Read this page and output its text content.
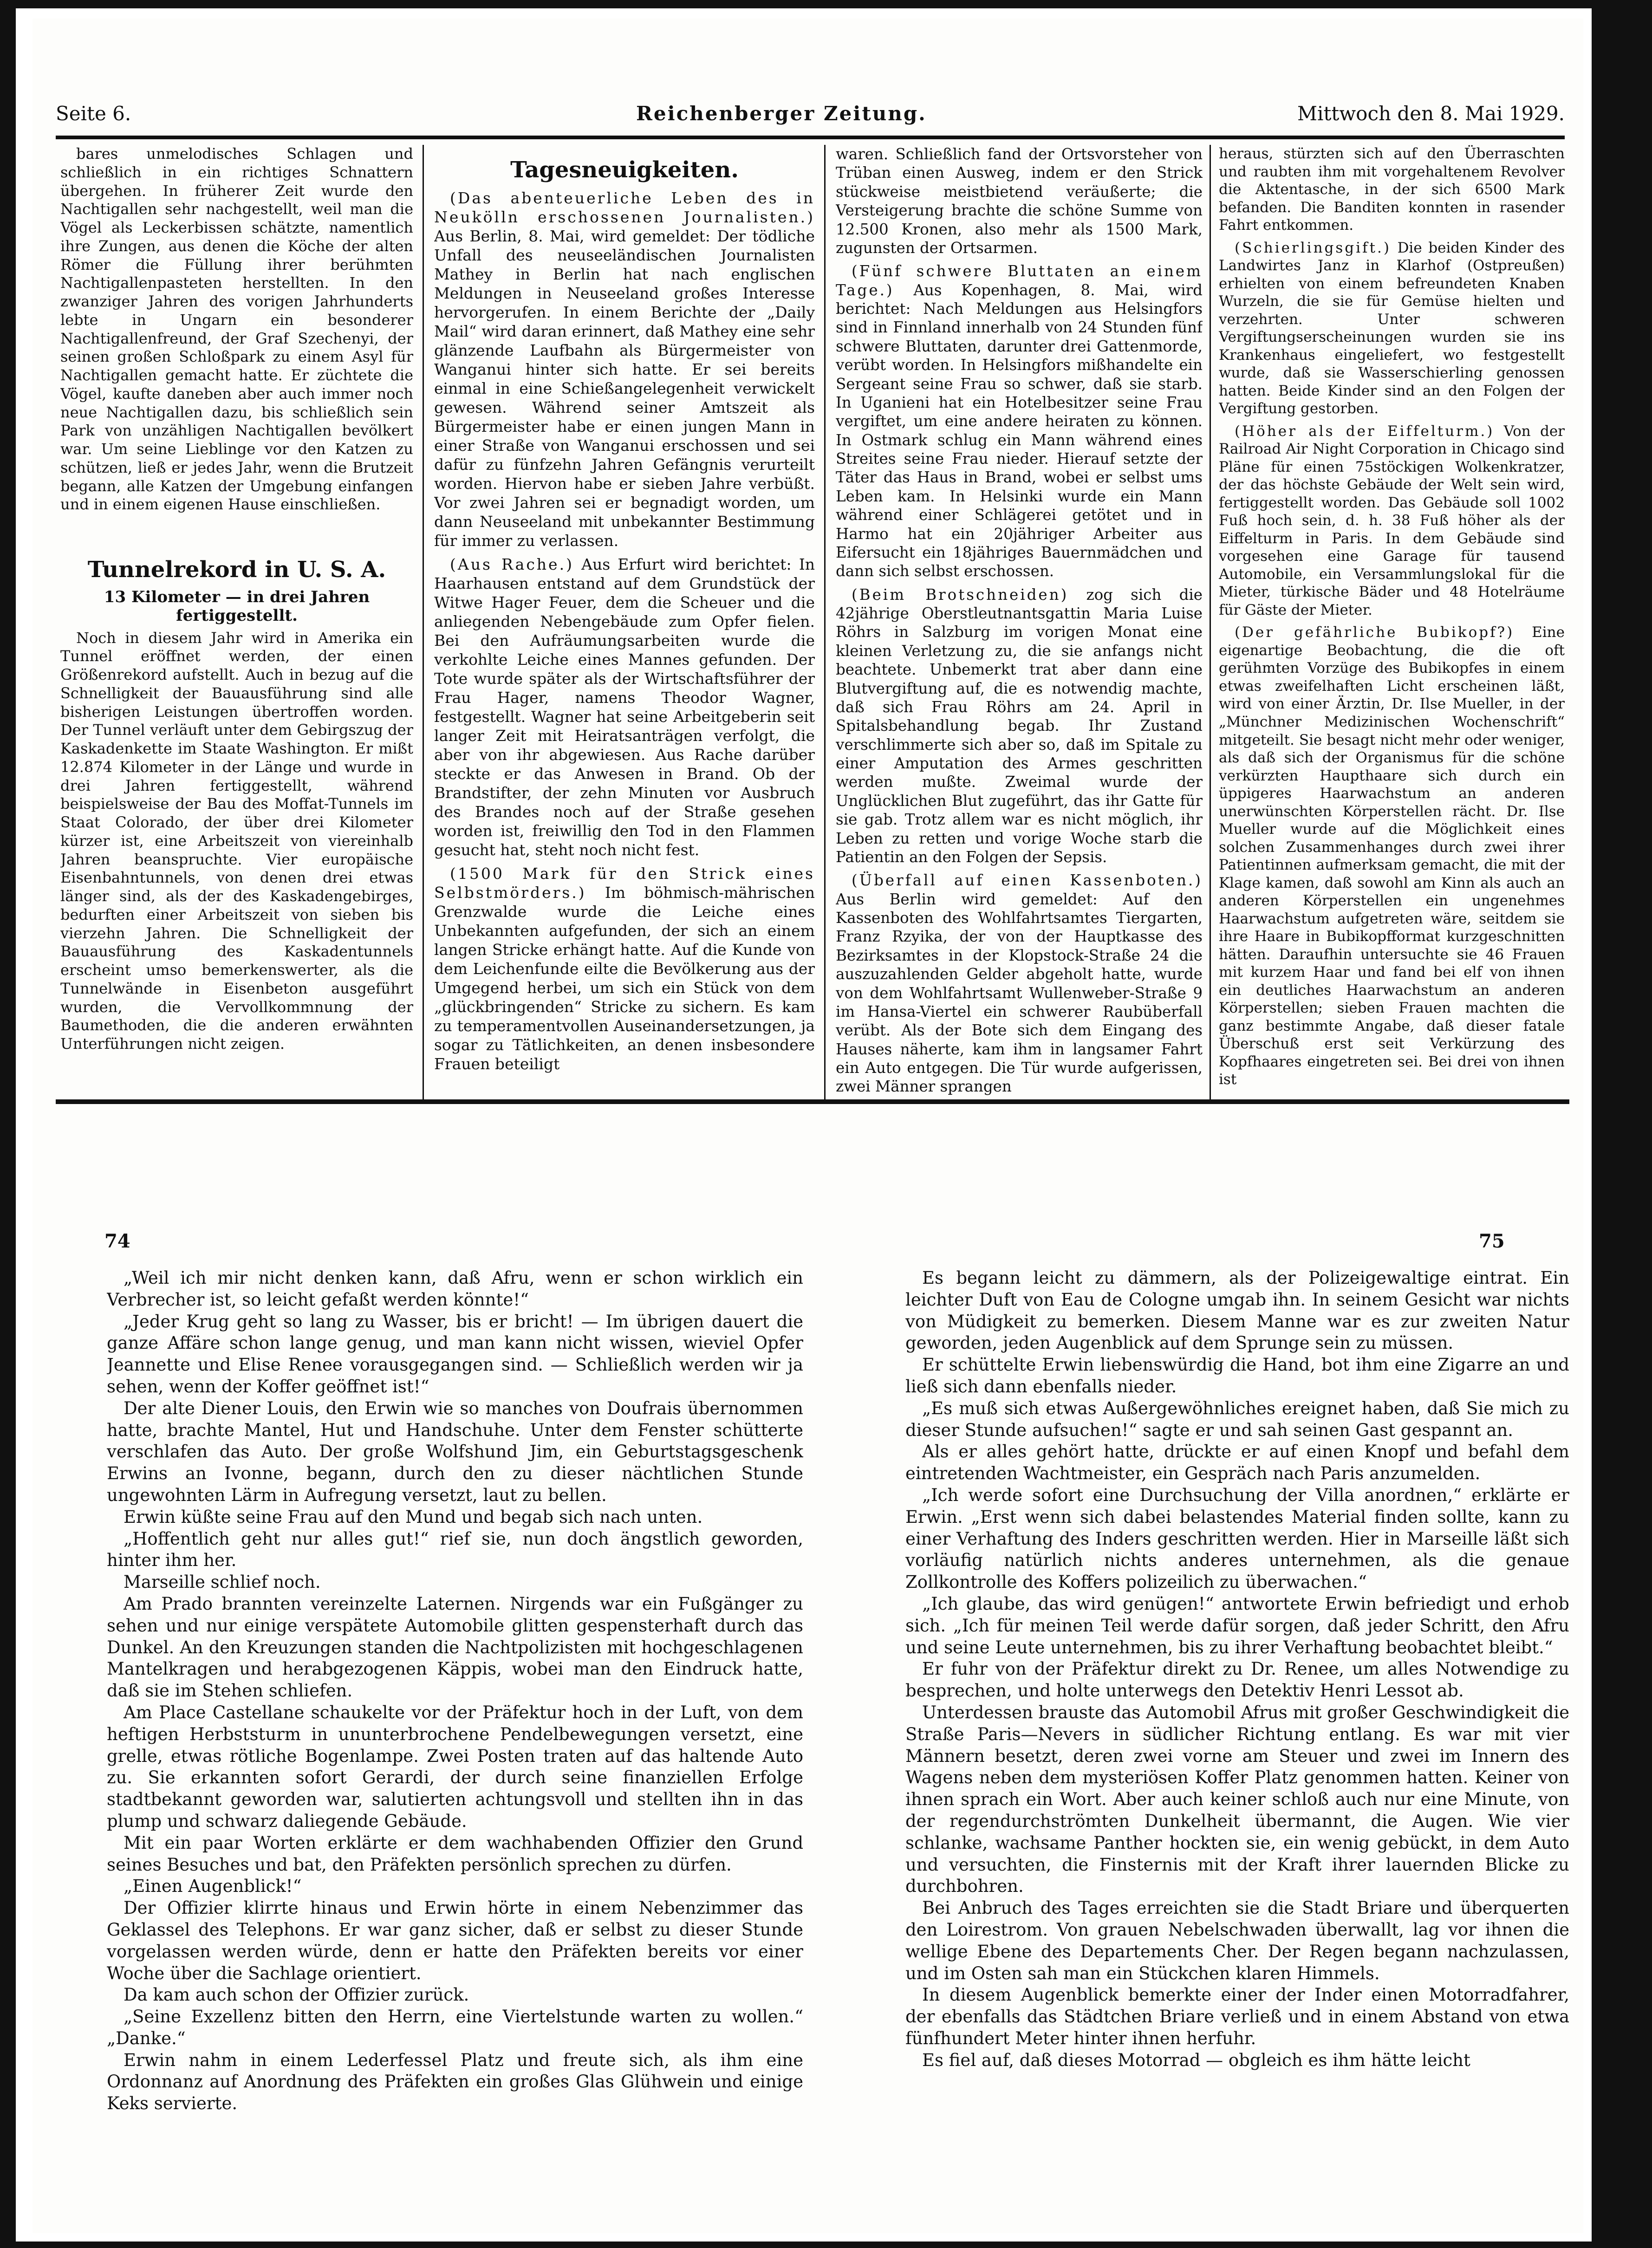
Seite 6.	Reichenberger Zeitung.	Mittwoch den 8. Mai 1929.

bares unmelodisches Schlagen und schließlich in ein richtiges Schnattern übergehen. In früherer Zeit wurde den Nachtigallen sehr nachgestellt, weil man die Vögel als Leckerbissen schätzte, namentlich ihre Zungen, aus denen die Köche der alten Römer die Füllung ihrer berühmten Nachtigallenpasteten herstellten. In den zwanziger Jahren des vorigen Jahrhunderts lebte in Ungarn ein besonderer Nachtigallenfreund, der Graf Szechenyi, der seinen großen Schloßpark zu einem Asyl für Nachtigallen gemacht hatte. Er züchtete die Vögel, kaufte daneben aber auch immer noch neue Nachtigallen dazu, bis schließlich sein Park von unzähligen Nachtigallen bevölkert war. Um seine Lieblinge vor den Katzen zu schützen, ließ er jedes Jahr, wenn die Brutzeit begann, alle Katzen der Umgebung einfangen und in einem eigenen Hause einschließen.

Tunnelrekord in U. S. A.
13 Kilometer — in drei Jahren fertiggestellt.

Noch in diesem Jahr wird in Amerika ein Tunnel eröffnet werden, der einen Größenrekord aufstellt. Auch in bezug auf die Schnelligkeit der Bauausführung sind alle bisherigen Leistungen übertroffen worden. Der Tunnel verläuft unter dem Gebirgszug der Kaskadenkette im Staate Washington. Er mißt 12.874 Kilometer in der Länge und wurde in drei Jahren fertiggestellt, während beispielsweise der Bau des Moffat-Tunnels im Staat Colorado, der über drei Kilometer kürzer ist, eine Arbeitszeit von viereinhalb Jahren beanspruchte. Vier europäische Eisenbahntunnels, von denen drei etwas länger sind, als der des Kaskadengebirges, bedurften einer Arbeitszeit von sieben bis vierzehn Jahren. Die Schnelligkeit der Bauausführung des Kaskadentunnels erscheint umso bemerkenswerter, als die Tunnelwände in Eisenbeton ausgeführt wurden, die Vervollkommnung der Baumethoden, die die anderen erwähnten Unterführungen nicht zeigen.

Tagesneuigkeiten.

(Das abenteuerliche Leben des in Neukölln erschossenen Journalisten.) Aus Berlin, 8. Mai, wird gemeldet: Der tödliche Unfall des neuseeländischen Journalisten Mathey in Berlin hat nach englischen Meldungen in Neuseeland großes Interesse hervorgerufen. In einem Berichte der „Daily Mail“ wird daran erinnert, daß Mathey eine sehr glänzende Laufbahn als Bürgermeister von Wanganui hinter sich hatte. Er sei bereits einmal in eine Schießangelegenheit verwickelt gewesen. Während seiner Amtszeit als Bürgermeister habe er einen jungen Mann in einer Straße von Wanganui erschossen und sei dafür zu fünfzehn Jahren Gefängnis verurteilt worden. Hiervon habe er sieben Jahre verbüßt. Vor zwei Jahren sei er begnadigt worden, um dann Neuseeland mit unbekannter Bestimmung für immer zu verlassen.

(Aus Rache.) Aus Erfurt wird berichtet: In Haarhausen entstand auf dem Grundstück der Witwe Hager Feuer, dem die Scheuer und die anliegenden Nebengebäude zum Opfer fielen. Bei den Aufräumungsarbeiten wurde die verkohlte Leiche eines Mannes gefunden. Der Tote wurde später als der Wirtschaftsführer der Frau Hager, namens Theodor Wagner, festgestellt. Wagner hat seine Arbeitgeberin seit langer Zeit mit Heiratsanträgen verfolgt, die aber von ihr abgewiesen. Aus Rache darüber steckte er das Anwesen in Brand. Ob der Brandstifter, der zehn Minuten vor Ausbruch des Brandes noch auf der Straße gesehen worden ist, freiwillig den Tod in den Flammen gesucht hat, steht noch nicht fest.

(1500 Mark für den Strick eines Selbstmörders.) Im böhmisch-mährischen Grenzwalde wurde die Leiche eines Unbekannten aufgefunden, der sich an einem langen Stricke erhängt hatte. Auf die Kunde von dem Leichenfunde eilte die Bevölkerung aus der Umgegend herbei, um sich ein Stück von dem „glückbringenden“ Stricke zu sichern. Es kam zu temperamentvollen Auseinandersetzungen, ja sogar zu Tätlichkeiten, an denen insbesondere Frauen beteiligt

waren. Schließlich fand der Ortsvorsteher von Trüban einen Ausweg, indem er den Strick stückweise meistbietend veräußerte; die Versteigerung brachte die schöne Summe von 12.500 Kronen, also mehr als 1500 Mark, zugunsten der Ortsarmen.

(Fünf schwere Bluttaten an einem Tage.) Aus Kopenhagen, 8. Mai, wird berichtet: Nach Meldungen aus Helsingfors sind in Finnland innerhalb von 24 Stunden fünf schwere Bluttaten, darunter drei Gattenmorde, verübt worden. In Helsingfors mißhandelte ein Sergeant seine Frau so schwer, daß sie starb. In Uganieni hat ein Hotelbesitzer seine Frau vergiftet, um eine andere heiraten zu können. In Ostmark schlug ein Mann während eines Streites seine Frau nieder. Hierauf setzte der Täter das Haus in Brand, wobei er selbst ums Leben kam. In Helsinki wurde ein Mann während einer Schlägerei getötet und in Harmo hat ein 20jähriger Arbeiter aus Eifersucht ein 18jähriges Bauernmädchen und dann sich selbst erschossen.

(Beim Brotschneiden) zog sich die 42jährige Oberstleutnantsgattin Maria Luise Röhrs in Salzburg im vorigen Monat eine kleinen Verletzung zu, die sie anfangs nicht beachtete. Unbemerkt trat aber dann eine Blutvergiftung auf, die es notwendig machte, daß sich Frau Röhrs am 24. April in Spitalsbehandlung begab. Ihr Zustand verschlimmerte sich aber so, daß im Spitale zu einer Amputation des Armes geschritten werden mußte. Zweimal wurde der Unglücklichen Blut zugeführt, das ihr Gatte für sie gab. Trotz allem war es nicht möglich, ihr Leben zu retten und vorige Woche starb die Patientin an den Folgen der Sepsis.

(Überfall auf einen Kassenboten.) Aus Berlin wird gemeldet: Auf den Kassenboten des Wohlfahrtsamtes Tiergarten, Franz Rzyika, der von der Hauptkasse des Bezirksamtes in der Klopstock-Straße 24 die auszuzahlenden Gelder abgeholt hatte, wurde von dem Wohlfahrtsamt Wullenweber-Straße 9 im Hansa-Viertel ein schwerer Raubüberfall verübt. Als der Bote sich dem Eingang des Hauses näherte, kam ihm in langsamer Fahrt ein Auto entgegen. Die Tür wurde aufgerissen, zwei Männer sprangen

heraus, stürzten sich auf den Überraschten und raubten ihm mit vorgehaltenem Revolver die Aktentasche, in der sich 6500 Mark befanden. Die Banditen konnten in rasender Fahrt entkommen.

(Schierlingsgift.) Die beiden Kinder des Landwirtes Janz in Klarhof (Ostpreußen) erhielten von einem befreundeten Knaben Wurzeln, die sie für Gemüse hielten und verzehrten. Unter schweren Vergiftungserscheinungen wurden sie ins Krankenhaus eingeliefert, wo festgestellt wurde, daß sie Wasserschierling genossen hatten. Beide Kinder sind an den Folgen der Vergiftung gestorben.

(Höher als der Eiffelturm.) Von der Railroad Air Night Corporation in Chicago sind Pläne für einen 75stöckigen Wolkenkratzer, der das höchste Gebäude der Welt sein wird, fertiggestellt worden. Das Gebäude soll 1002 Fuß hoch sein, d. h. 38 Fuß höher als der Eiffelturm in Paris. In dem Gebäude sind vorgesehen eine Garage für tausend Automobile, ein Versammlungslokal für die Mieter, türkische Bäder und 48 Hotelräume für Gäste der Mieter.

(Der gefährliche Bubikopf?) Eine eigenartige Beobachtung, die die oft gerühmten Vorzüge des Bubikopfes in einem etwas zweifelhaften Licht erscheinen läßt, wird von einer Ärztin, Dr. Ilse Mueller, in der „Münchner Medizinischen Wochenschrift“ mitgeteilt. Sie besagt nicht mehr oder weniger, als daß sich der Organismus für die schöne verkürzten Haupthaare sich durch ein üppigeres Haarwachstum an anderen unerwünschten Körperstellen rächt. Dr. Ilse Mueller wurde auf die Möglichkeit eines solchen Zusammenhanges durch zwei ihrer Patientinnen aufmerksam gemacht, die mit der Klage kamen, daß sowohl am Kinn als auch an anderen Körperstellen ein ungenehmes Haarwachstum aufgetreten wäre, seitdem sie ihre Haare in Bubikopfformat kurzgeschnitten hätten. Daraufhin untersuchte sie 46 Frauen mit kurzem Haar und fand bei elf von ihnen ein deutliches Haarwachstum an anderen Körperstellen; sieben Frauen machten die ganz bestimmte Angabe, daß dieser fatale Überschuß erst seit Verkürzung des Kopfhaares eingetreten sei. Bei drei von ihnen ist

74	75

„Weil ich mir nicht denken kann, daß Afru, wenn er schon wirklich ein Verbrecher ist, so leicht gefaßt werden könnte!“

„Jeder Krug geht so lang zu Wasser, bis er bricht! — Im übrigen dauert die ganze Affäre schon lange genug, und man kann nicht wissen, wieviel Opfer Jeannette und Elise Renee vorausgegangen sind. — Schließlich werden wir ja sehen, wenn der Koffer geöffnet ist!“

Der alte Diener Louis, den Erwin wie so manches von Doufrais übernommen hatte, brachte Mantel, Hut und Handschuhe. Unter dem Fenster schütterte verschlafen das Auto. Der große Wolfshund Jim, ein Geburtstagsgeschenk Erwins an Ivonne, begann, durch den zu dieser nächtlichen Stunde ungewohnten Lärm in Aufregung versetzt, laut zu bellen.

Erwin küßte seine Frau auf den Mund und begab sich nach unten.

„Hoffentlich geht nur alles gut!“ rief sie, nun doch ängstlich geworden, hinter ihm her.

Marseille schlief noch.

Am Prado brannten vereinzelte Laternen. Nirgends war ein Fußgänger zu sehen und nur einige verspätete Automobile glitten gespensterhaft durch das Dunkel. An den Kreuzungen standen die Nachtpolizisten mit hochgeschlagenen Mantelkragen und herabgezogenen Käppis, wobei man den Eindruck hatte, daß sie im Stehen schliefen.

Am Place Castellane schaukelte vor der Präfektur hoch in der Luft, von dem heftigen Herbststurm in ununterbrochene Pendelbewegungen versetzt, eine grelle, etwas rötliche Bogenlampe. Zwei Posten traten auf das haltende Auto zu. Sie erkannten sofort Gerardi, der durch seine finanziellen Erfolge stadtbekannt geworden war, salutierten achtungsvoll und stellten ihn in das plump und schwarz daliegende Gebäude.

Mit ein paar Worten erklärte er dem wachhabenden Offizier den Grund seines Besuches und bat, den Präfekten persönlich sprechen zu dürfen.

„Einen Augenblick!“

Der Offizier klirrte hinaus und Erwin hörte in einem Nebenzimmer das Geklassel des Telephons. Er war ganz sicher, daß er selbst zu dieser Stunde vorgelassen werden würde, denn er hatte den Präfekten bereits vor einer Woche über die Sachlage orientiert.

Da kam auch schon der Offizier zurück.

„Seine Exzellenz bitten den Herrn, eine Viertelstunde warten zu wollen.“ „Danke.“

Erwin nahm in einem Lederfessel Platz und freute sich, als ihm eine Ordonnanz auf Anordnung des Präfekten ein großes Glas Glühwein und einige Keks servierte.

Es begann leicht zu dämmern, als der Polizeigewaltige eintrat. Ein leichter Duft von Eau de Cologne umgab ihn. In seinem Gesicht war nichts von Müdigkeit zu bemerken. Diesem Manne war es zur zweiten Natur geworden, jeden Augenblick auf dem Sprunge sein zu müssen.

Er schüttelte Erwin liebenswürdig die Hand, bot ihm eine Zigarre an und ließ sich dann ebenfalls nieder.

„Es muß sich etwas Außergewöhnliches ereignet haben, daß Sie mich zu dieser Stunde aufsuchen!“ sagte er und sah seinen Gast gespannt an.

Als er alles gehört hatte, drückte er auf einen Knopf und befahl dem eintretenden Wachtmeister, ein Gespräch nach Paris anzumelden.

„Ich werde sofort eine Durchsuchung der Villa anordnen,“ erklärte er Erwin. „Erst wenn sich dabei belastendes Material finden sollte, kann zu einer Verhaftung des Inders geschritten werden. Hier in Marseille läßt sich vorläufig natürlich nichts anderes unternehmen, als die genaue Zollkontrolle des Koffers polizeilich zu überwachen.“

„Ich glaube, das wird genügen!“ antwortete Erwin befriedigt und erhob sich. „Ich für meinen Teil werde dafür sorgen, daß jeder Schritt, den Afru und seine Leute unternehmen, bis zu ihrer Verhaftung beobachtet bleibt.“

Er fuhr von der Präfektur direkt zu Dr. Renee, um alles Notwendige zu besprechen, und holte unterwegs den Detektiv Henri Lessot ab.

Unterdessen brauste das Automobil Afrus mit großer Geschwindigkeit die Straße Paris—Nevers in südlicher Richtung entlang. Es war mit vier Männern besetzt, deren zwei vorne am Steuer und zwei im Innern des Wagens neben dem mysteriösen Koffer Platz genommen hatten. Keiner von ihnen sprach ein Wort. Aber auch keiner schloß auch nur eine Minute, von der regendurchströmten Dunkelheit übermannt, die Augen. Wie vier schlanke, wachsame Panther hockten sie, ein wenig gebückt, in dem Auto und versuchten, die Finsternis mit der Kraft ihrer lauernden Blicke zu durchbohren.

Bei Anbruch des Tages erreichten sie die Stadt Briare und überquerten den Loirestrom. Von grauen Nebelschwaden überwallt, lag vor ihnen die wellige Ebene des Departements Cher. Der Regen begann nachzulassen, und im Osten sah man ein Stückchen klaren Himmels.

In diesem Augenblick bemerkte einer der Inder einen Motorradfahrer, der ebenfalls das Städtchen Briare verließ und in einem Abstand von etwa fünfhundert Meter hinter ihnen herfuhr.

Es fiel auf, daß dieses Motorrad — obgleich es ihm hätte leicht
